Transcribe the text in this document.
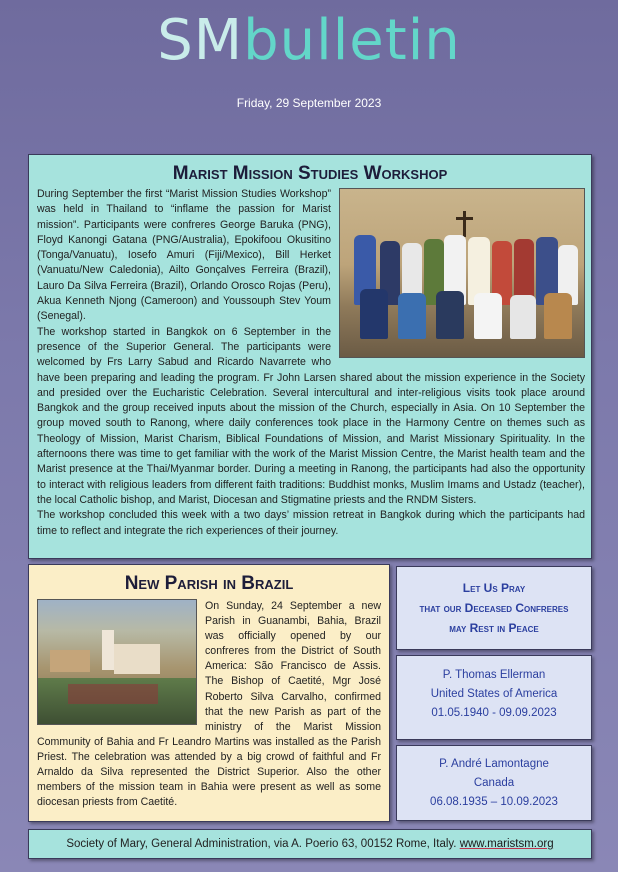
SMbulletin
Friday, 29 September 2023
Marist Mission Studies Workshop

During September the first “Marist Mission Studies Workshop” was held in Thailand to “inflame the passion for Marist mission”. Participants were confreres George Baruka (PNG), Floyd Kanongi Gatana (PNG/Australia), Epokifoou Okusitino (Tonga/Vanuatu), Iosefo Amuri (Fiji/Mexico), Bill Herket (Vanuatu/New Caledonia), Ailto Gonçalves Ferreira (Brazil), Lauro Da Silva Ferreira (Brazil), Orlando Orosco Rojas (Peru), Akua Kenneth Njong (Cameroon) and Youssouph Stev Youm (Senegal).

The workshop started in Bangkok on 6 September in the presence of the Superior General. The participants were welcomed by Frs Larry Sabud and Ricardo Navarrete who have been preparing and leading the program. Fr John Larsen shared about the mission experience in the Society and presided over the Eucharistic Celebration. Several intercultural and inter-religious visits took place around Bangkok and the group received inputs about the mission of the Church, especially in Asia. On 10 September the group moved south to Ranong, where daily conferences took place in the Harmony Centre on themes such as Theology of Mission, Marist Charism, Biblical Foundations of Mission, and Marist Missionary Spirituality. In the afternoons there was time to get familiar with the work of the Marist Mission Centre, the Marist health team and the Marist presence at the Thai/Myanmar border. During a meeting in Ranong, the participants had also the opportunity to interact with religious leaders from different faith traditions: Buddhist monks, Muslim Imams and Ustadz (teacher), the local Catholic bishop, and Marist, Diocesan and Stigmatine priests and the RNDM Sisters.

The workshop concluded this week with a two days’ mission retreat in Bangkok during which the participants had time to reflect and integrate the rich experiences of their journey.

New Parish in Brazil
On Sunday, 24 September a new Parish in Guanambi, Bahia, Brazil was officially opened by our confreres from the District of South America: São Francisco de Assis. The Bishop of Caetité, Mgr José Roberto Silva Carvalho, confirmed that the new Parish as part of the ministry of the Marist Mission Community of Bahia and Fr Leandro Martins was installed as the Parish Priest. The celebration was attended by a big crowd of faithful and Fr Arnaldo da Silva represented the District Superior. Also the other members of the mission team in Bahia were present as well as some diocesan priests from Caetité.
Let Us Pray
that our Deceased Confreres
may Rest in Peace
P. Thomas Ellerman
United States of America
01.05.1940 - 09.09.2023
P. André Lamontagne
Canada
06.08.1935 – 10.09.2023
Society of Mary, General Administration, via A. Poerio 63, 00152 Rome, Italy. www.maristsm.org
